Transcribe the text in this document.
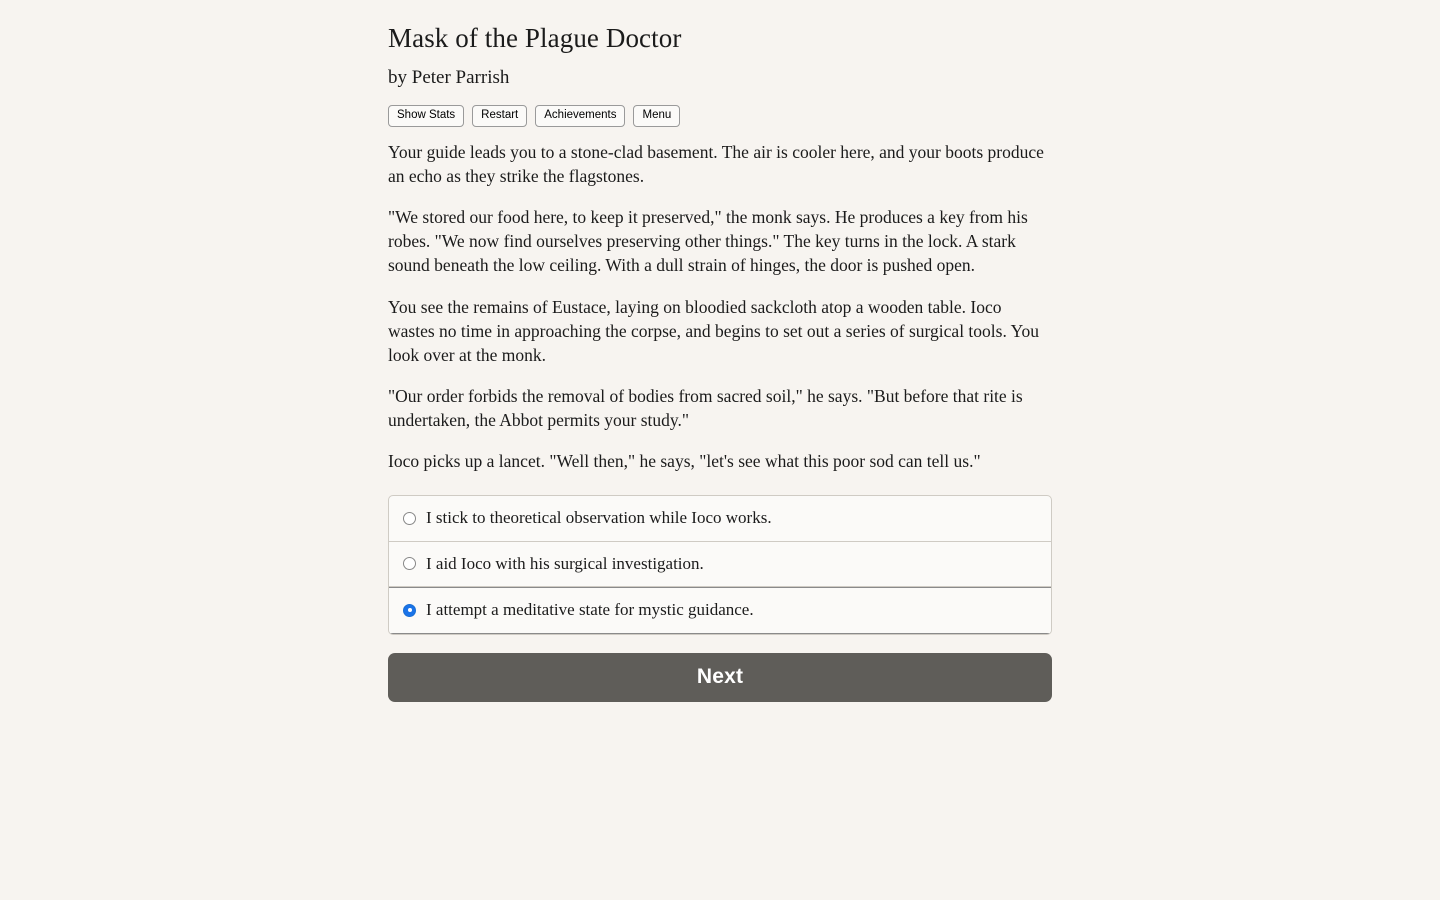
Mask of the Plague Doctor
by Peter Parrish
Show Stats	Restart	Achievements	Menu

Your guide leads you to a stone-clad basement. The air is cooler here, and your boots produce an echo as they strike the flagstones.

"We stored our food here, to keep it preserved," the monk says. He produces a key from his robes. "We now find ourselves preserving other things." The key turns in the lock. A stark sound beneath the low ceiling. With a dull strain of hinges, the door is pushed open.

You see the remains of Eustace, laying on bloodied sackcloth atop a wooden table. Ioco wastes no time in approaching the corpse, and begins to set out a series of surgical tools. You look over at the monk.

"Our order forbids the removal of bodies from sacred soil," he says. "But before that rite is undertaken, the Abbot permits your study."

Ioco picks up a lancet. "Well then," he says, "let's see what this poor sod can tell us."

I stick to theoretical observation while Ioco works.
I aid Ioco with his surgical investigation.
I attempt a meditative state for mystic guidance.
Next
